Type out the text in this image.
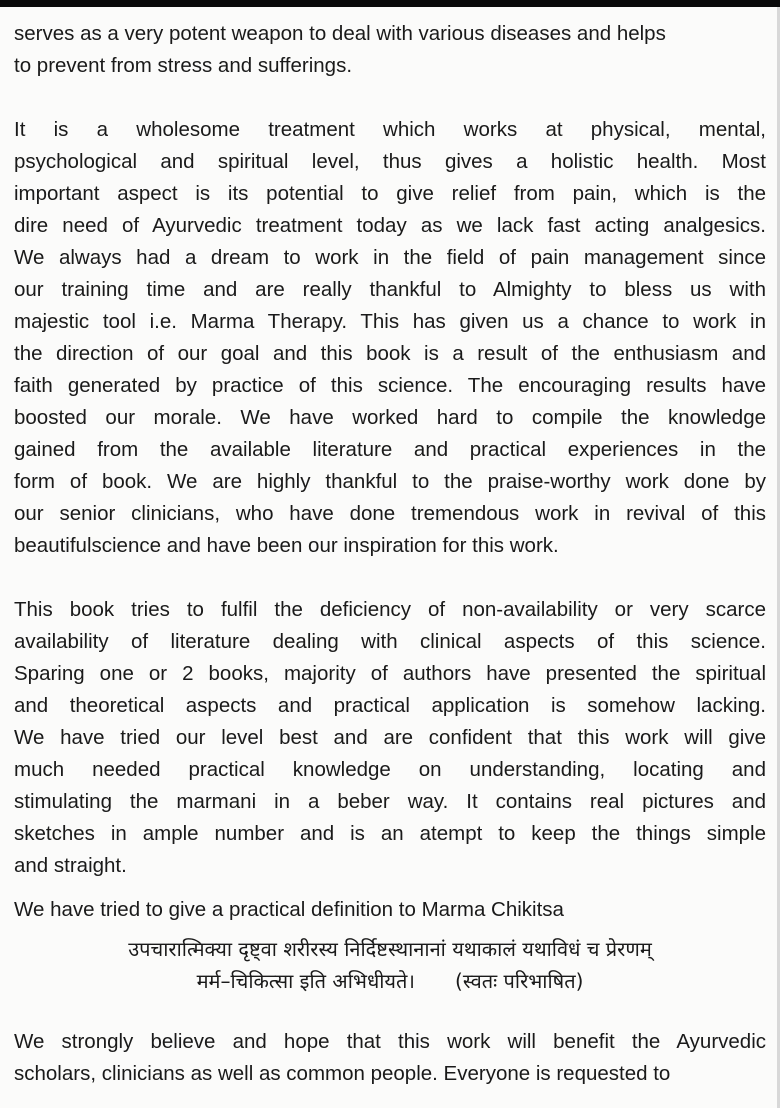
serves as a very potent weapon to deal with various diseases and helps
to prevent from stress and sufferings.
It is a wholesome treatment which works at physical, mental,
psychological and spiritual level, thus gives a holistic health. Most
important aspect is its potential to give relief from pain, which is the
dire need of Ayurvedic treatment today as we lack fast acting analgesics.
We always had a dream to work in the field of pain management since
our training time and are really thankful to Almighty to bless us with
majestic tool i.e. Marma Therapy. This has given us a chance to work in
the direction of our goal and this book is a result of the enthusiasm and
faith generated by practice of this science. The encouraging results have
boosted our morale. We have worked hard to compile the knowledge
gained from the available literature and practical experiences in the
form of book. We are highly thankful to the praise-worthy work done by
our senior clinicians, who have done tremendous work in revival of this
beautifulscience and have been our inspiration for this work.
This book tries to fulfil the deficiency of non-availability or very scarce
availability of literature dealing with clinical aspects of this science.
Sparing one or 2 books, majority of authors have presented the spiritual
and theoretical aspects and practical application is somehow lacking.
We have tried our level best and are confident that this work will give
much needed practical knowledge on understanding, locating and
stimulating the marmani in a beber way. It contains real pictures and
sketches in ample number and is an atempt to keep the things simple
and straight.
We have tried to give a practical definition to Marma Chikitsa
We strongly believe and hope that this work will benefit the Ayurvedic
scholars, clinicians as well as common people. Everyone is requested to
उपचारात्मिक्या दृष्ट्वा शरीरस्य निर्दिष्टस्थानानां यथाकालं यथाविधं च प्रेरणम्
मर्म–चिकित्सा इति अभिधीयते। (स्वतः परिभाषित)
